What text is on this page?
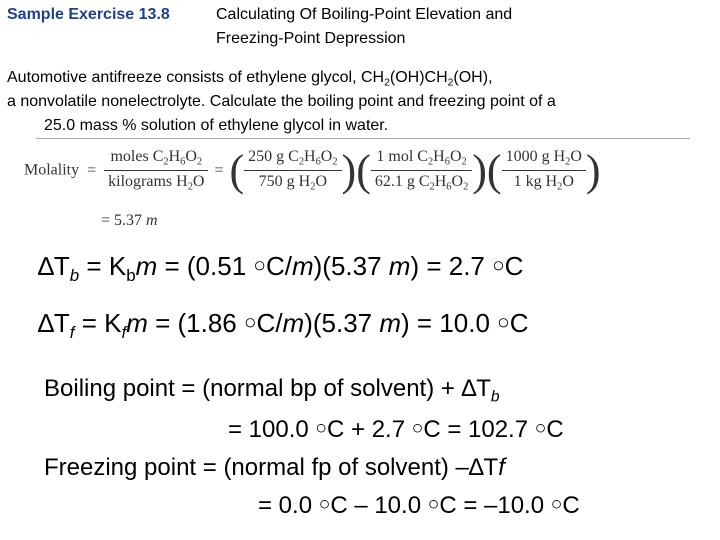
Sample Exercise 13.8	Calculating Of Boiling-Point Elevation and
Freezing-Point Depression
Automotive antifreeze consists of ethylene glycol, $CH_2(OH)CH_2(OH)$,
a nonvolatile nonelectrolyte. Calculate the boiling point and freezing point of a
25.0 mass % solution of ethylene glycol in water.
Molality = $\frac{moles C_2H_6O_2}{kilograms H_2O}$ = ( $\frac{250 g C_2H_6O_2}{750 g H_2O}$ )( $\frac{1 mol C_2H_6O_2}{62.1 g C_2H_6O_2}$ )( $\frac{1000 g H_2O}{1 kg H_2O}$ )
= 5.37 m
$\Delta T_b = K_bm = (0.51$ ○C/m)(5.37 m) = 2.7 ○C
$\Delta T_f = K_fm = (1.86$ ○C/m)(5.37 m) = 10.0 ○C
Boiling point = (normal bp of solvent) + $\Delta T_b$
= 100.0 ○C + 2.7 ○C = 102.7 ○C
Freezing point = (normal fp of solvent) –∆Tf
= 0.0 ○C – 10.0 ○C = –10.0 ○C
